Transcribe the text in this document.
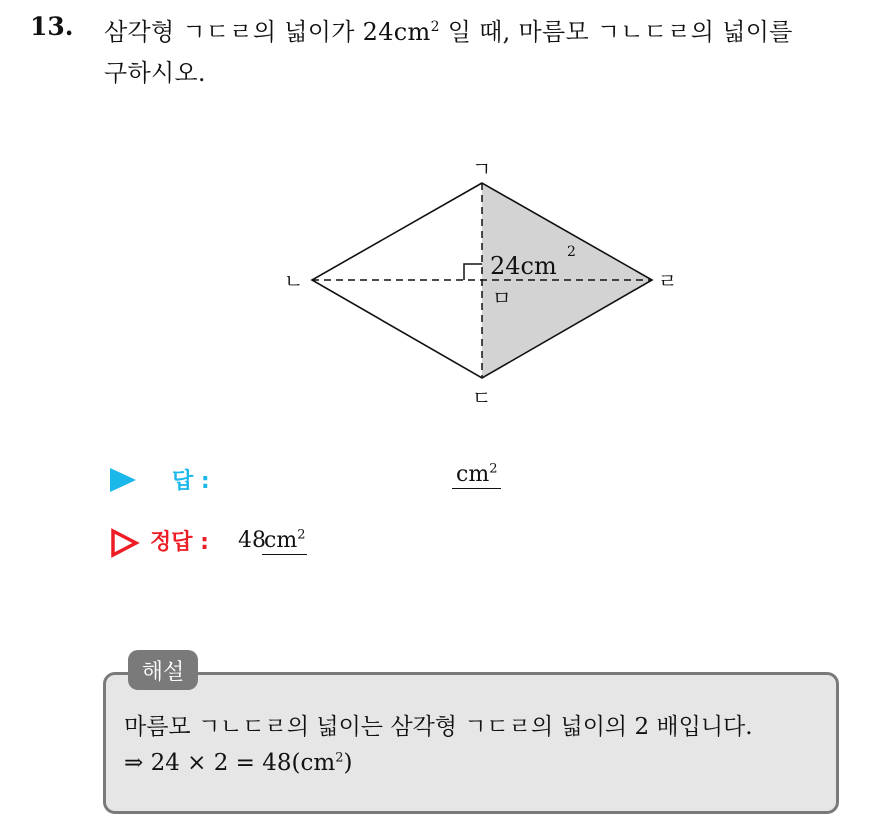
13. 삼각형 ㄱㄷㄹ의 넓이가 $24cm^2$ 일 때, 마름모 ㄱㄴㄷㄹ의 넓이를
구하시오.
ㄱ
ㄴ	ㄹ
ㄷ
ㅁ
24cm 2
답 :	$cm^2$
정답 : 48
$cm^2$
해설
마름모 ㄱㄴㄷㄹ의 넓이는 삼각형 ㄱㄷㄹ의 넓이의 2 배입니다.
⇒ $24 \times 2 = 48(cm^2)$
